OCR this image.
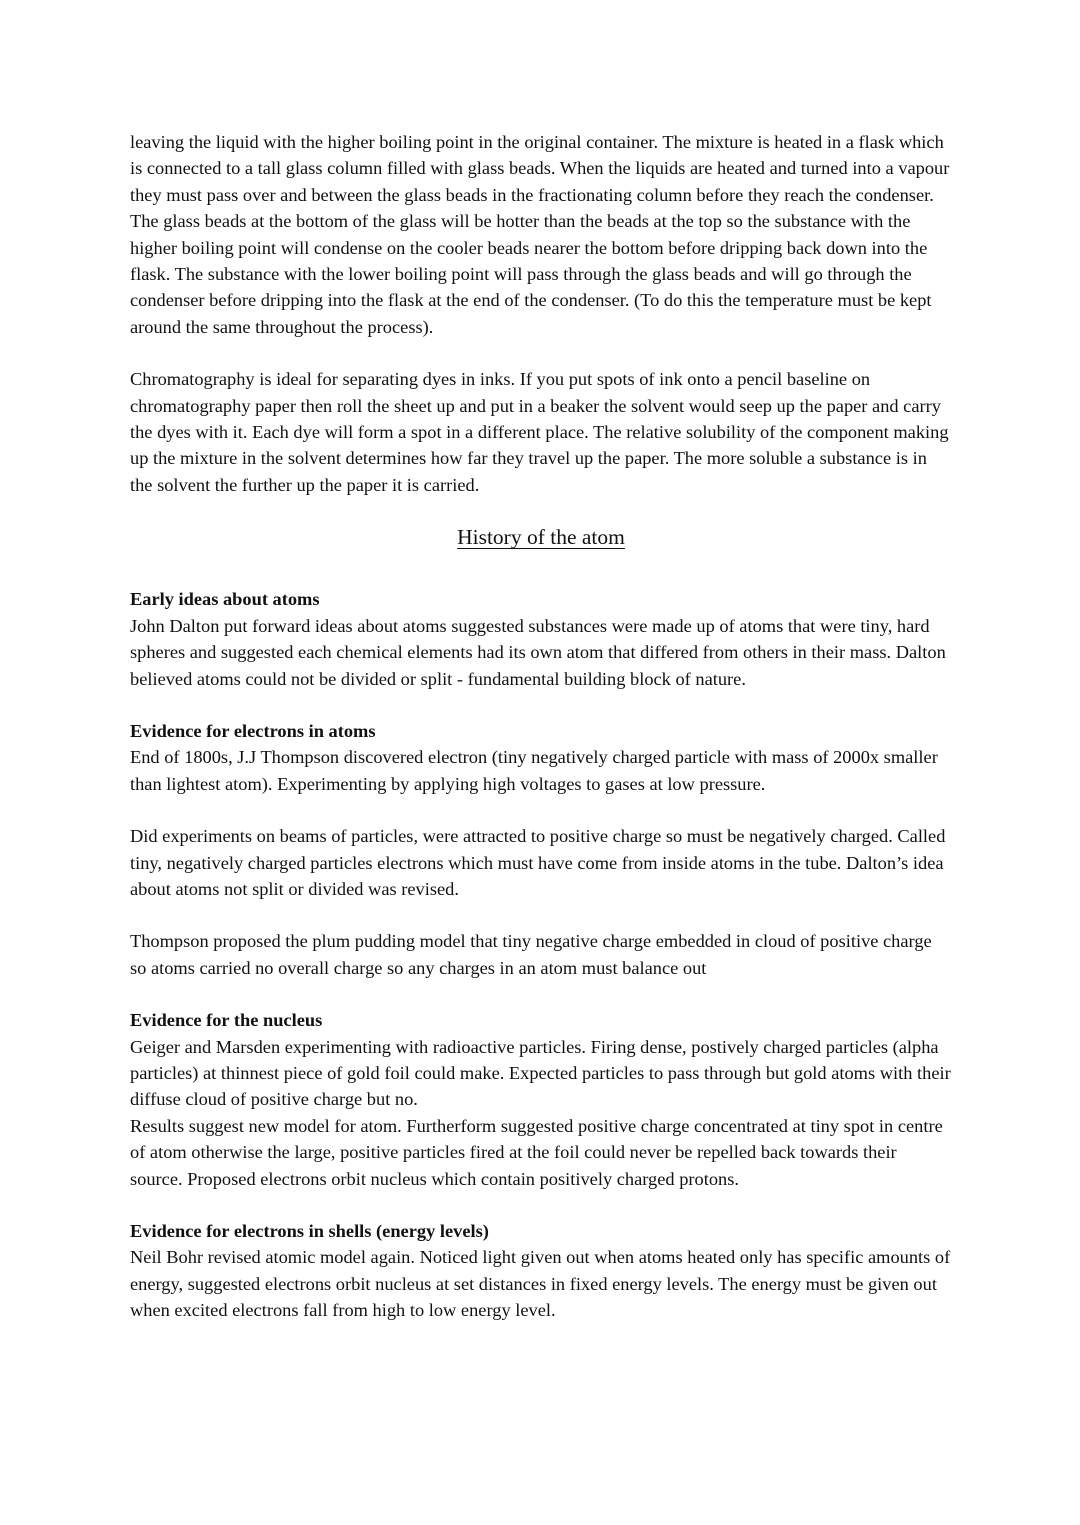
leaving the liquid with the higher boiling point in the original container. The mixture is heated in a flask which is connected to a tall glass column filled with glass beads. When the liquids are heated and turned into a vapour they must pass over and between the glass beads in the fractionating column before they reach the condenser. The glass beads at the bottom of the glass will be hotter than the beads at the top so the substance with the higher boiling point will condense on the cooler beads nearer the bottom before dripping back down into the flask. The substance with the lower boiling point will pass through the glass beads and will go through the condenser before dripping into the flask at the end of the condenser. (To do this the temperature must be kept around the same throughout the process).

Chromatography is ideal for separating dyes in inks. If you put spots of ink onto a pencil baseline on chromatography paper then roll the sheet up and put in a beaker the solvent would seep up the paper and carry the dyes with it. Each dye will form a spot in a different place. The relative solubility of the component making up the mixture in the solvent determines how far they travel up the paper. The more soluble a substance is in the solvent the further up the paper it is carried.

History of the atom

Early ideas about atoms

John Dalton put forward ideas about atoms suggested substances were made up of atoms that were tiny, hard spheres and suggested each chemical elements had its own atom that differed from others in their mass. Dalton believed atoms could not be divided or split - fundamental building block of nature.

Evidence for electrons in atoms

End of 1800s, J.J Thompson discovered electron (tiny negatively charged particle with mass of 2000x smaller than lightest atom). Experimenting by applying high voltages to gases at low pressure.

Did experiments on beams of particles, were attracted to positive charge so must be negatively charged. Called tiny, negatively charged particles electrons which must have come from inside atoms in the tube. Dalton’s idea about atoms not split or divided was revised.

Thompson proposed the plum pudding model that tiny negative charge embedded in cloud of positive charge so atoms carried no overall charge so any charges in an atom must balance out

Evidence for the nucleus

Geiger and Marsden experimenting with radioactive particles. Firing dense, postively charged particles (alpha particles) at thinnest piece of gold foil could make. Expected particles to pass through but gold atoms with their diffuse cloud of positive charge but no.

Results suggest new model for atom. Furtherform suggested positive charge concentrated at tiny spot in centre of atom otherwise the large, positive particles fired at the foil could never be repelled back towards their source. Proposed electrons orbit nucleus which contain positively charged protons.

Evidence for electrons in shells (energy levels)

Neil Bohr revised atomic model again. Noticed light given out when atoms heated only has specific amounts of energy, suggested electrons orbit nucleus at set distances in fixed energy levels. The energy must be given out when excited electrons fall from high to low energy level.
